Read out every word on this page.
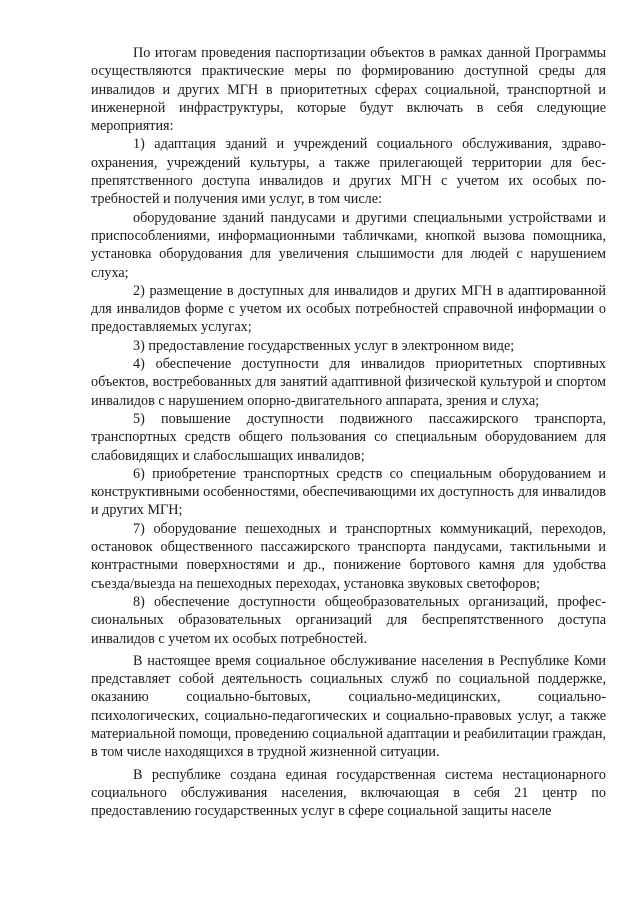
По итогам проведения паспортизации объектов в рамках данной Программы осуществляются практические меры по формированию доступной среды для инвалидов и других МГН в приоритетных сферах социальной, транспортной и инженерной инфраструктуры, которые будут включать в себя следующие мероприятия:

1) адаптация зданий и учреждений социального обслуживания, здравоохранения, учреждений культуры, а также прилегающей территории для беспрепятственного доступа инвалидов и других МГН с учетом их особых потребностей и получения ими услуг, в том числе:

оборудование зданий пандусами и другими специальными устройствами и приспособлениями, информационными табличками, кнопкой вызова помощника, установка оборудования для увеличения слышимости для людей с нарушением слуха;

2) размещение в доступных для инвалидов и других МГН в адаптированной для инвалидов форме с учетом их особых потребностей справочной информации о предоставляемых услугах;

3) предоставление государственных услуг в электронном виде;

4) обеспечение доступности для инвалидов приоритетных спортивных объектов, востребованных для занятий адаптивной физической культурой и спортом инвалидов с нарушением опорно-двигательного аппарата, зрения и слуха;

5) повышение доступности подвижного пассажирского транспорта, транспортных средств общего пользования со специальным оборудованием для слабовидящих и слабослышащих инвалидов;

6) приобретение транспортных средств со специальным оборудованием и конструктивными особенностями, обеспечивающими их доступность для инвалидов и других МГН;

7) оборудование пешеходных и транспортных коммуникаций, переходов, остановок общественного пассажирского транспорта пандусами, тактильными и контрастными поверхностями и др., понижение бортового камня для удобства съезда/выезда на пешеходных переходах, установка звуковых светофоров;

8) обеспечение доступности общеобразовательных организаций, профессиональных образовательных организаций для беспрепятственного доступа инвалидов с учетом их особых потребностей.

В настоящее время социальное обслуживание населения в Республике Коми представляет собой деятельность социальных служб по социальной поддержке, оказанию социально-бытовых, социально-медицинских, социально-психологических, социально-педагогических и социально-правовых услуг, а также материальной помощи, проведению социальной адаптации и реабилитации граждан, в том числе находящихся в трудной жизненной ситуации.

В республике создана единая государственная система нестационарного социального обслуживания населения, включающая в себя 21 центр по предоставлению государственных услуг в сфере социальной защиты населе
